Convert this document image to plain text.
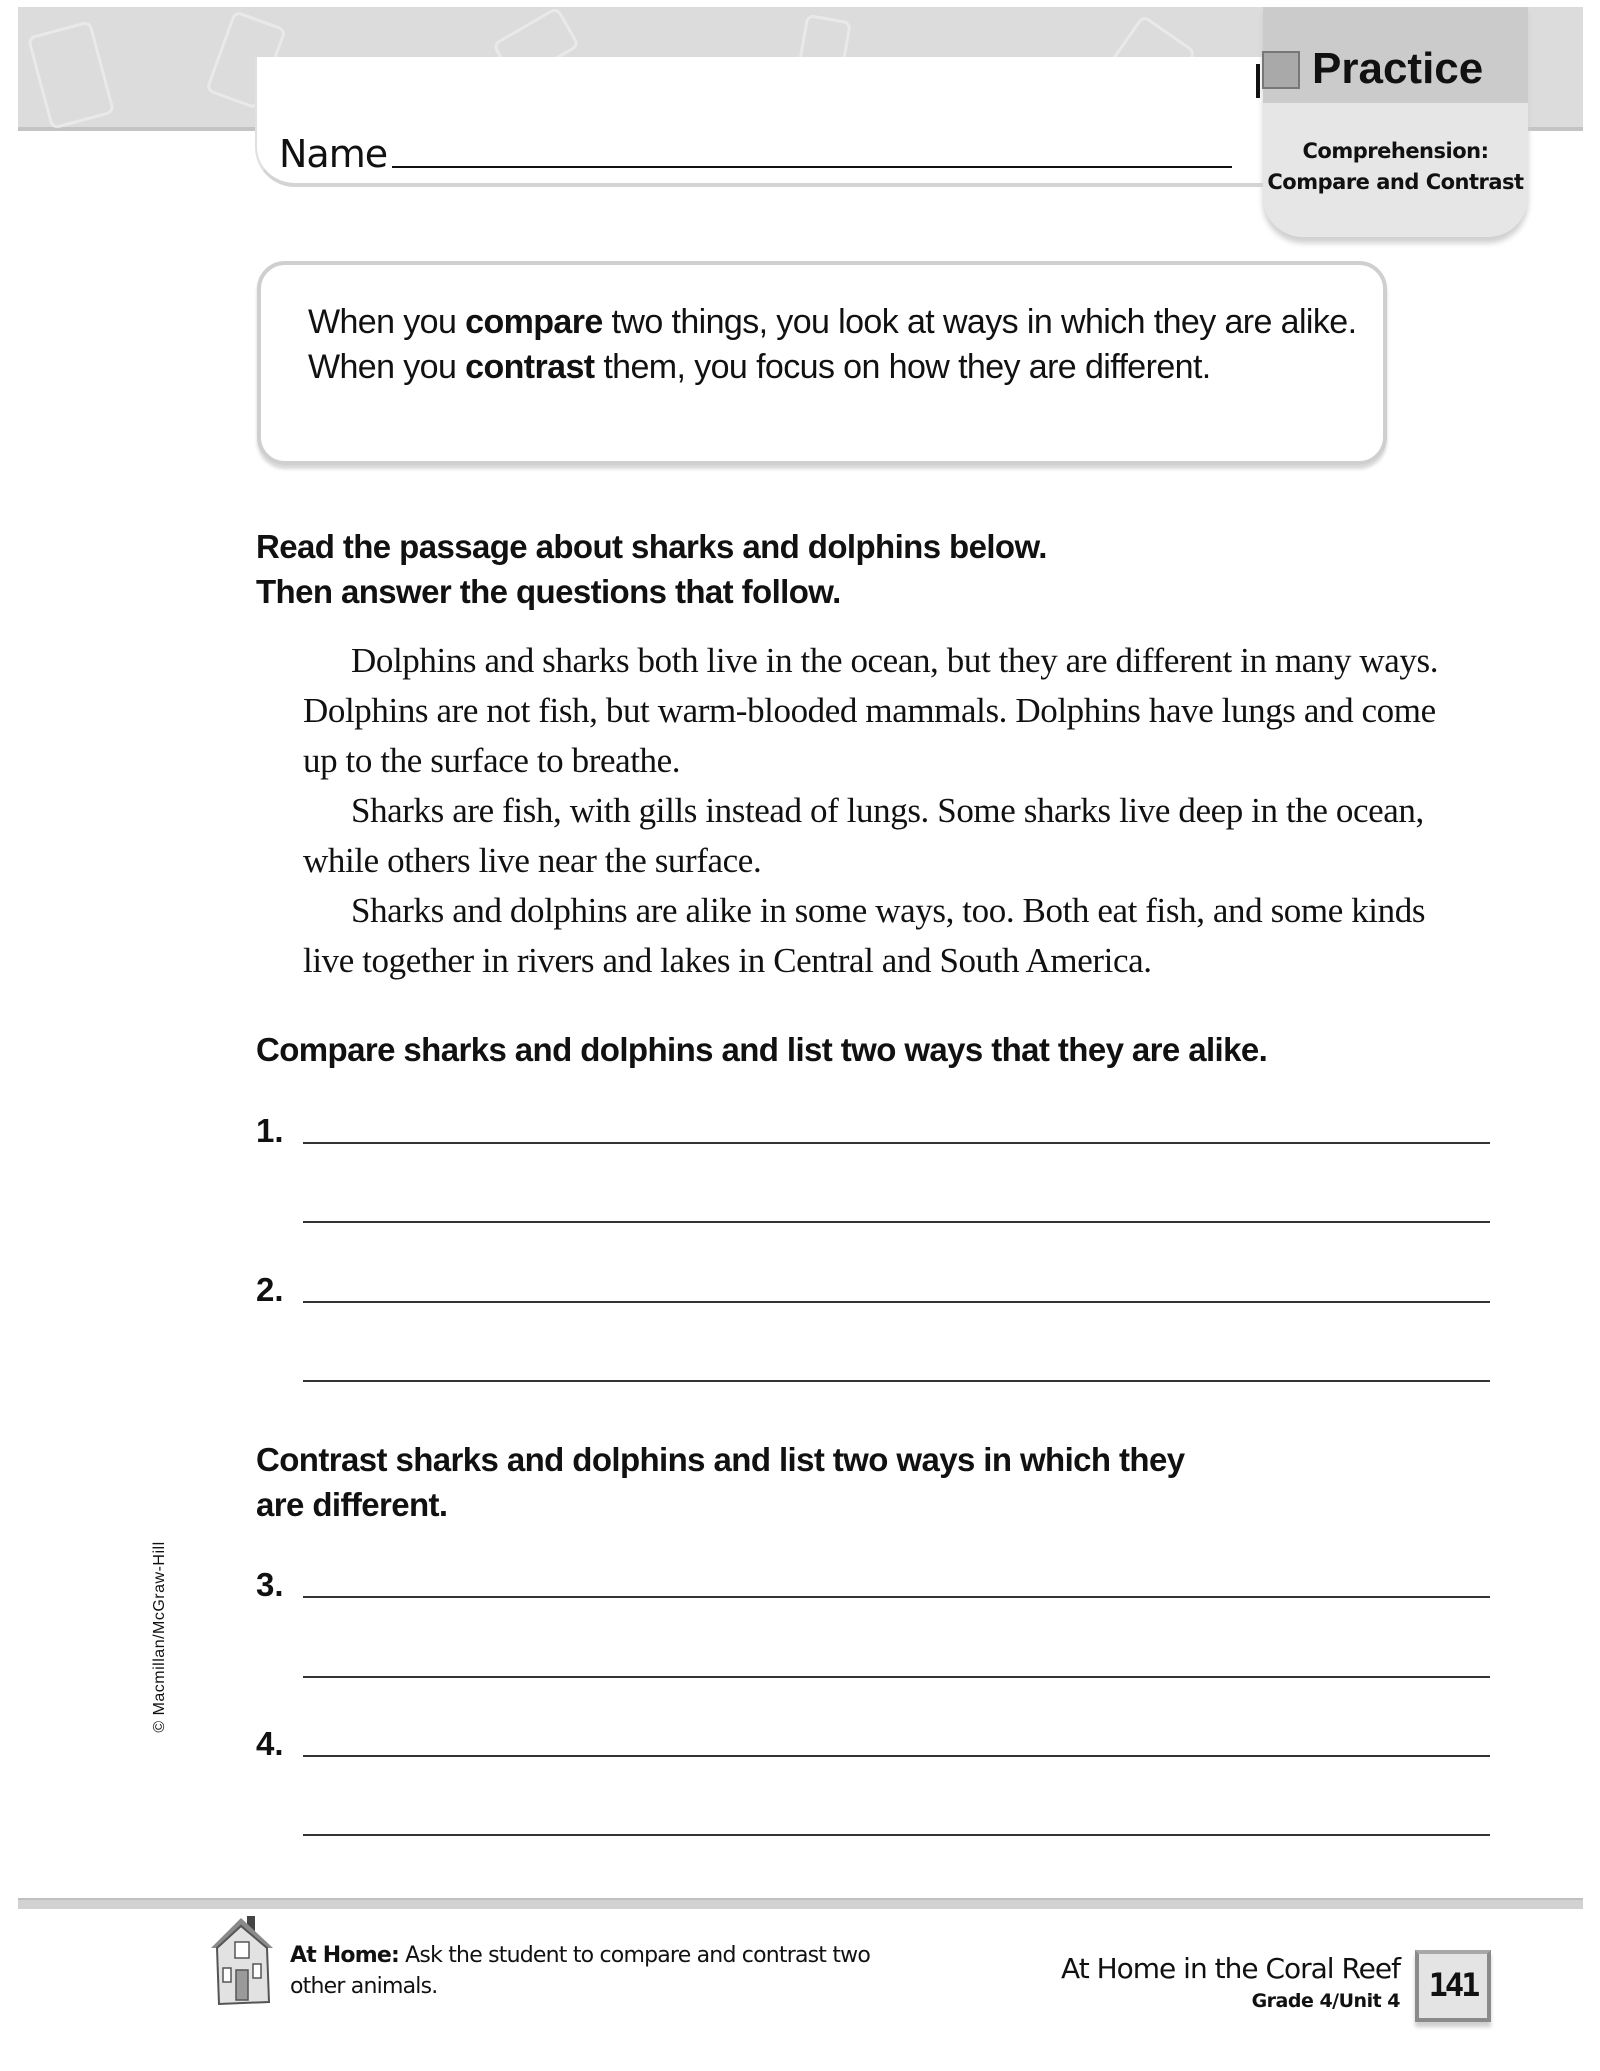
Name
Practice
Comprehension:
Compare and Contrast
When you compare two things, you look at ways in which they are alike. When you contrast them, you focus on how they are different.
Read the passage about sharks and dolphins below.
Then answer the questions that follow.

Dolphins and sharks both live in the ocean, but they are different in many ways. Dolphins are not fish, but warm-blooded mammals. Dolphins have lungs and come up to the surface to breathe.

Sharks are fish, with gills instead of lungs. Some sharks live deep in the ocean, while others live near the surface.

Sharks and dolphins are alike in some ways, too. Both eat fish, and some kinds live together in rivers and lakes in Central and South America.

Compare sharks and dolphins and list two ways that they are alike.
1.
2.
Contrast sharks and dolphins and list two ways in which they
are different.
3.
4.
© Macmillan/McGraw-Hill
At Home: Ask the student to compare and contrast two other animals.
At Home in the Coral Reef
Grade 4/Unit 4 141
